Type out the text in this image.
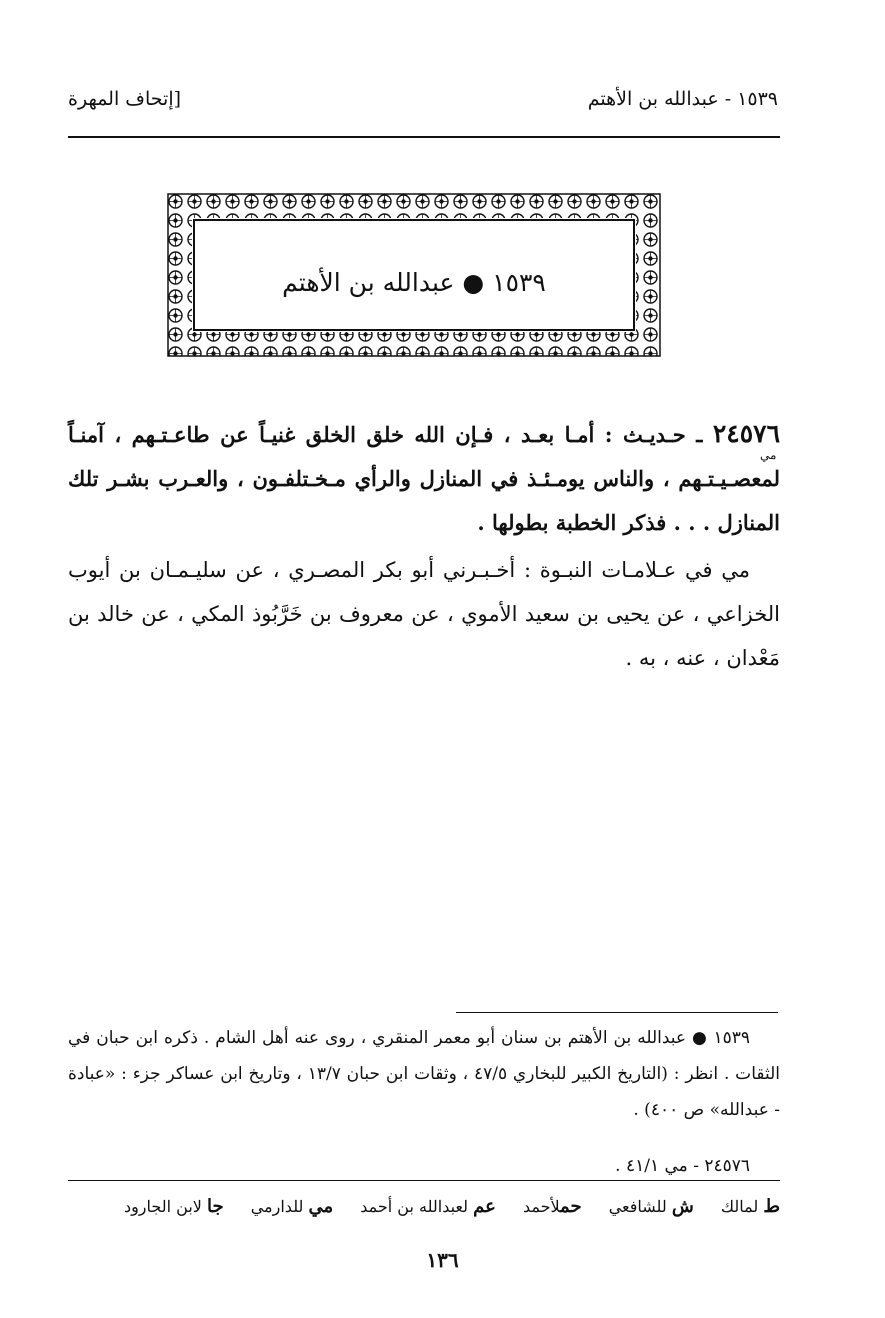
١٥٣٩ - عبدالله بن الأهتم
[إتحاف المهرة
١٥٣٩ ● عبدالله بن الأهتم
٢٤٥٧٦ ـ حـديـث : أمـا بعـد ، فـإن الله خلق الخلق غنيـاً عن طاعـتـهم ، آمنـاً لمعصـيـتـهم ، والناس يومـئـذ في المنازل والرأي مـخـتلفـون ، والعـرب بشـر تلك المنازل . . . فذكر الخطبة بطولها .
مي
مي في عـلامـات النبـوة : أخـبـرني أبو بكر المصـري ، عن سليـمـان بن أيوب الخزاعي ، عن يحيى بن سعيد الأموي ، عن معروف بن خَرَّبُوذ المكي ، عن خالد بن مَعْدان ، عنه ، به .
١٥٣٩ ● عبدالله بن الأهتم بن سنان أبو معمر المنقري ، روى عنه أهل الشام . ذكره ابن حبان في الثقات . انظر : (التاريخ الكبير للبخاري ٤٧/٥ ، وثقات ابن حبان ١٣/٧ ، وتاريخ ابن عساكر جزء : «عبادة - عبدالله» ص ٤٠٠) .
٢٤٥٧٦ - مي ٤١/١ .
ط لمالك ش للشافعي حملأحمد عم لعبدالله بن أحمد مي للدارمي جا لابن الجارود
١٣٦
